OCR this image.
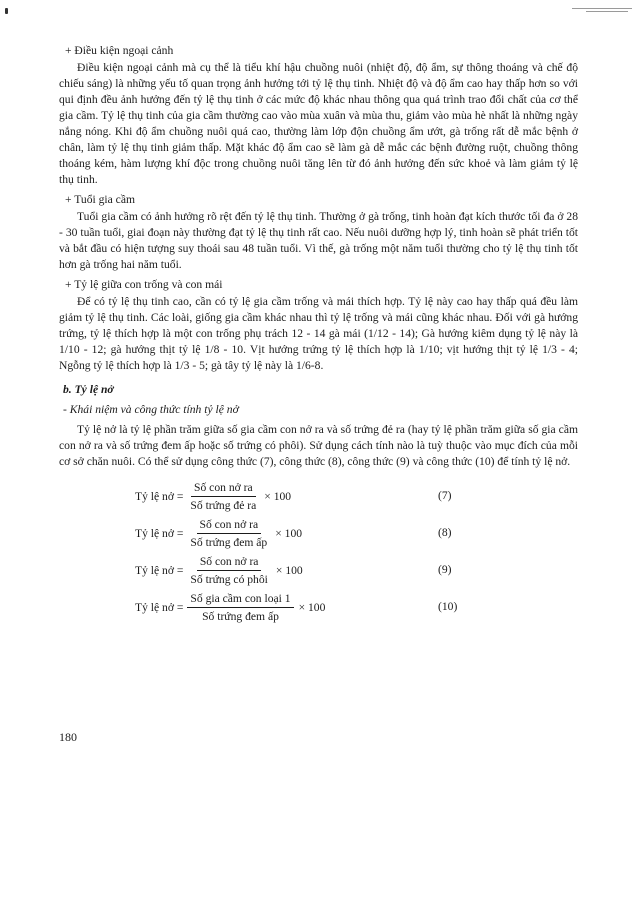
+ Điều kiện ngoại cảnh

Điều kiện ngoại cảnh mà cụ thể là tiểu khí hậu chuồng nuôi (nhiệt độ, độ ẩm, sự thông thoáng và chế độ chiếu sáng) là những yếu tố quan trọng ảnh hưởng tới tỷ lệ thụ tinh. Nhiệt độ và độ ẩm cao hay thấp hơn so với qui định đều ảnh hưởng đến tỷ lệ thụ tinh ở các mức độ khác nhau thông qua quá trình trao đổi chất của cơ thể gia cầm. Tỷ lệ thụ tinh của gia cầm thường cao vào mùa xuân và mùa thu, giảm vào mùa hè nhất là những ngày nắng nóng. Khi độ ẩm chuồng nuôi quá cao, thường làm lớp độn chuồng ẩm ướt, gà trống rất dễ mắc bệnh ở chân, làm tỷ lệ thụ tinh giảm thấp. Mặt khác độ ẩm cao sẽ làm gà dễ mắc các bệnh đường ruột, chuồng thông thoáng kém, hàm lượng khí độc trong chuồng nuôi tăng lên từ đó ảnh hưởng đến sức khoẻ và làm giảm tỷ lệ thụ tinh.

+ Tuổi gia cầm

Tuổi gia cầm có ảnh hưởng rõ rệt đến tỷ lệ thụ tinh. Thường ở gà trống, tinh hoàn đạt kích thước tối đa ở 28 - 30 tuần tuổi, giai đoạn này thường đạt tỷ lệ thụ tinh rất cao. Nếu nuôi dưỡng hợp lý, tinh hoàn sẽ phát triển tốt và bắt đầu có hiện tượng suy thoái sau 48 tuần tuổi. Vì thế, gà trống một năm tuổi thường cho tỷ lệ thụ tinh tốt hơn gà trống hai năm tuổi.

+ Tỷ lệ giữa con trống và con mái

Để có tỷ lệ thụ tinh cao, cần có tỷ lệ gia cầm trống và mái thích hợp. Tỷ lệ này cao hay thấp quá đều làm giảm tỷ lệ thụ tinh. Các loài, giống gia cầm khác nhau thì tỷ lệ trống và mái cũng khác nhau. Đối với gà hướng trứng, tỷ lệ thích hợp là một con trống phụ trách 12 - 14 gà mái (1/12 - 14); Gà hướng kiêm dụng tỷ lệ này là 1/10 - 12; gà hướng thịt tỷ lệ 1/8 - 10. Vịt hướng trứng tỷ lệ thích hợp là 1/10; vịt hướng thịt tỷ lệ 1/3 - 4; Ngỗng tỷ lệ thích hợp là 1/3 - 5; gà tây tỷ lệ này là 1/6-8.

b. Tỷ lệ nở

- Khái niệm và công thức tính tỷ lệ nở

Tỷ lệ nở là tỷ lệ phần trăm giữa số gia cầm con nở ra và số trứng đẻ ra (hay tỷ lệ phần trăm giữa số gia cầm con nở ra và số trứng đem ấp hoặc số trứng có phôi). Sử dụng cách tính nào là tuỳ thuộc vào mục đích của mỗi cơ sở chăn nuôi. Có thể sử dụng công thức (7), công thức (8), công thức (9) và công thức (10) để tính tỷ lệ nở.

Tỷ lệ nở = $\frac{\text{Số con nở ra}}{\text{Số trứng đẻ ra}} \times 100$	(7)
Tỷ lệ nở = $\frac{\text{Số con nở ra}}{\text{Số trứng đem ấp}} \times 100$	(8)
Tỷ lệ nở = $\frac{\text{Số con nở ra}}{\text{Số trứng có phôi}} \times 100$	(9)
Tỷ lệ nở = $\frac{\text{Số gia cầm con loại 1}}{\text{Số trứng đem ấp}} \times 100$	(10)
180
